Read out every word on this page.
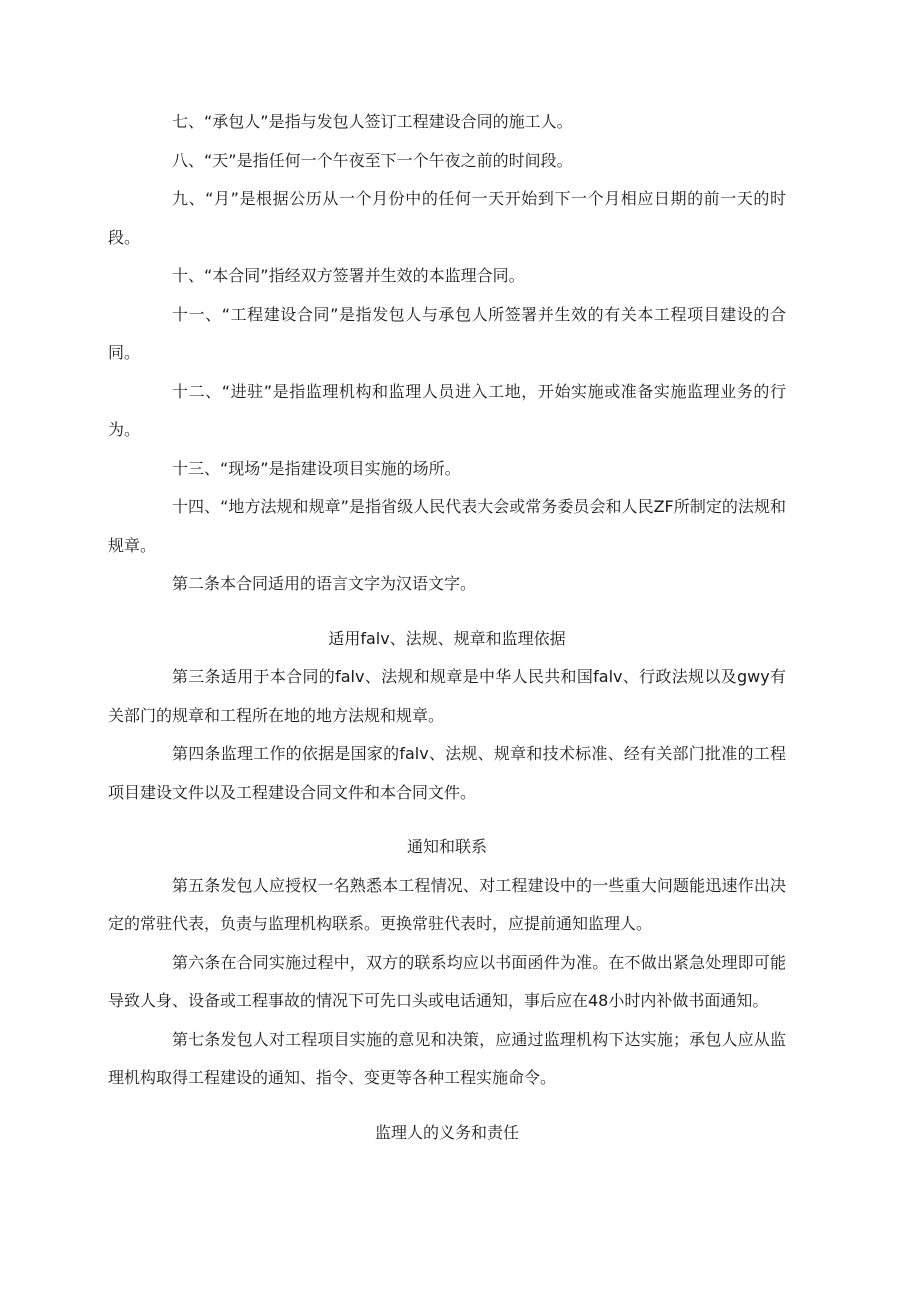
七、“承包人”是指与发包人签订工程建设合同的施工人。

八、“天”是指任何一个午夜至下一个午夜之前的时间段。

九、“月”是根据公历从一个月份中的任何一天开始到下一个月相应日期的前一天的时段。

十、“本合同”指经双方签署并生效的本监理合同。

十一、“工程建设合同”是指发包人与承包人所签署并生效的有关本工程项目建设的合同。

十二、“进驻”是指监理机构和监理人员进入工地，开始实施或准备实施监理业务的行为。

十三、“现场”是指建设项目实施的场所。

十四、“地方法规和规章”是指省级人民代表大会或常务委员会和人民ZF所制定的法规和规章。

第二条本合同适用的语言文字为汉语文字。

适用falv、法规、规章和监理依据

第三条适用于本合同的falv、法规和规章是中华人民共和国falv、行政法规以及gwy有关部门的规章和工程所在地的地方法规和规章。

第四条监理工作的依据是国家的falv、法规、规章和技术标准、经有关部门批准的工程项目建设文件以及工程建设合同文件和本合同文件。

通知和联系

第五条发包人应授权一名熟悉本工程情况、对工程建设中的一些重大问题能迅速作出决定的常驻代表，负责与监理机构联系。更换常驻代表时，应提前通知监理人。

第六条在合同实施过程中，双方的联系均应以书面函件为准。在不做出紧急处理即可能导致人身、设备或工程事故的情况下可先口头或电话通知，事后应在48小时内补做书面通知。

第七条发包人对工程项目实施的意见和决策，应通过监理机构下达实施；承包人应从监理机构取得工程建设的通知、指令、变更等各种工程实施命令。

监理人的义务和责任
